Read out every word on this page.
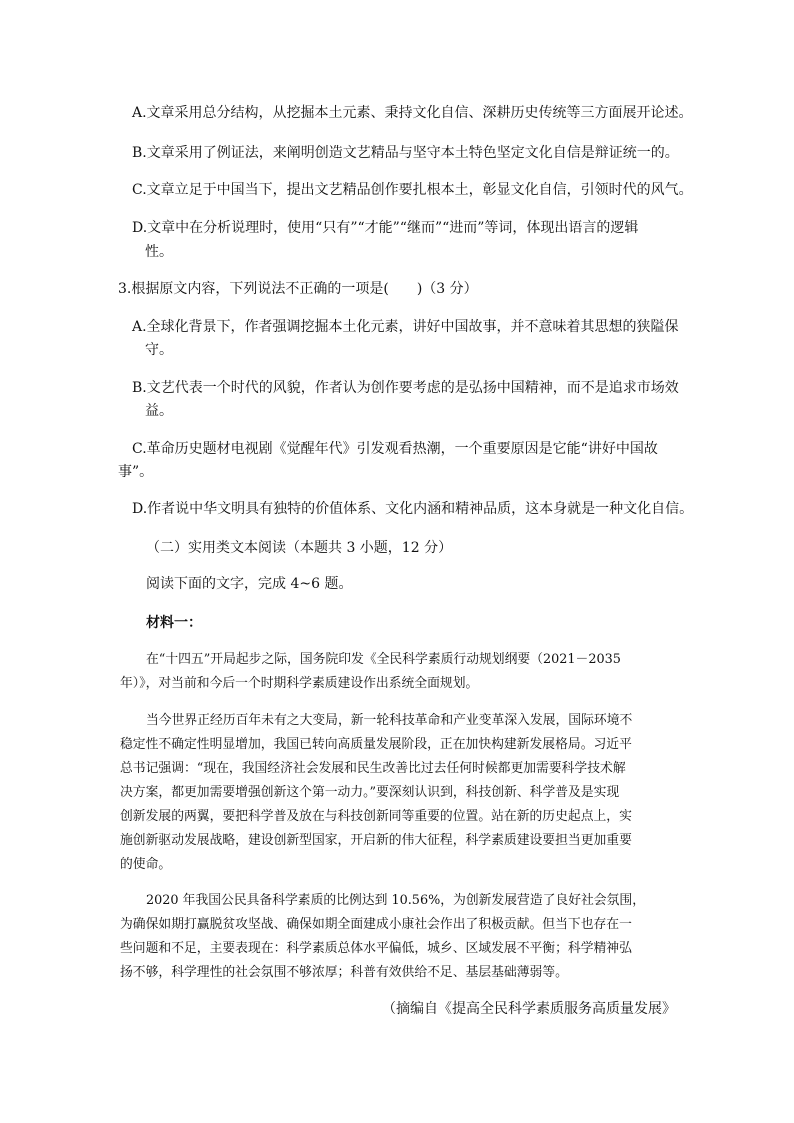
A.文章采用总分结构，从挖掘本土元素、秉持文化自信、深耕历史传统等三方面展开论述。
B.文章采用了例证法，来阐明创造文艺精品与坚守本土特色坚定文化自信是辩证统一的。
C.文章立足于中国当下，提出文艺精品创作要扎根本土，彰显文化自信，引领时代的风气。
D.文章中在分析说理时，使用“只有”“才能”“继而”“进而”等词，体现出语言的逻辑
性。
3.根据原文内容，下列说法不正确的一项是(　　)（3 分）
A.全球化背景下，作者强调挖掘本土化元素，讲好中国故事，并不意味着其思想的狭隘保
守。
B.文艺代表一个时代的风貌，作者认为创作要考虑的是弘扬中国精神，而不是追求市场效
益。
C.革命历史题材电视剧《觉醒年代》引发观看热潮，一个重要原因是它能“讲好中国故
事”。
D.作者说中华文明具有独特的价值体系、文化内涵和精神品质，这本身就是一种文化自信。
（二）实用类文本阅读（本题共 3 小题，12 分）
阅读下面的文字，完成 4~6 题。
材料一：
在“十四五”开局起步之际，国务院印发《全民科学素质行动规划纲要（2021－2035
年）》，对当前和今后一个时期科学素质建设作出系统全面规划。
当今世界正经历百年未有之大变局，新一轮科技革命和产业变革深入发展，国际环境不
稳定性不确定性明显增加，我国已转向高质量发展阶段，正在加快构建新发展格局。习近平
总书记强调：“现在，我国经济社会发展和民生改善比过去任何时候都更加需要科学技术解
决方案，都更加需要增强创新这个第一动力。”要深刻认识到，科技创新、科学普及是实现
创新发展的两翼，要把科学普及放在与科技创新同等重要的位置。站在新的历史起点上，实
施创新驱动发展战略，建设创新型国家，开启新的伟大征程，科学素质建设要担当更加重要
的使命。
2020 年我国公民具备科学素质的比例达到 10.56%，为创新发展营造了良好社会氛围，
为确保如期打赢脱贫攻坚战、确保如期全面建成小康社会作出了积极贡献。但当下也存在一
些问题和不足，主要表现在：科学素质总体水平偏低，城乡、区域发展不平衡；科学精神弘
扬不够，科学理性的社会氛围不够浓厚；科普有效供给不足、基层基础薄弱等。
（摘编自《提高全民科学素质服务高质量发展》
